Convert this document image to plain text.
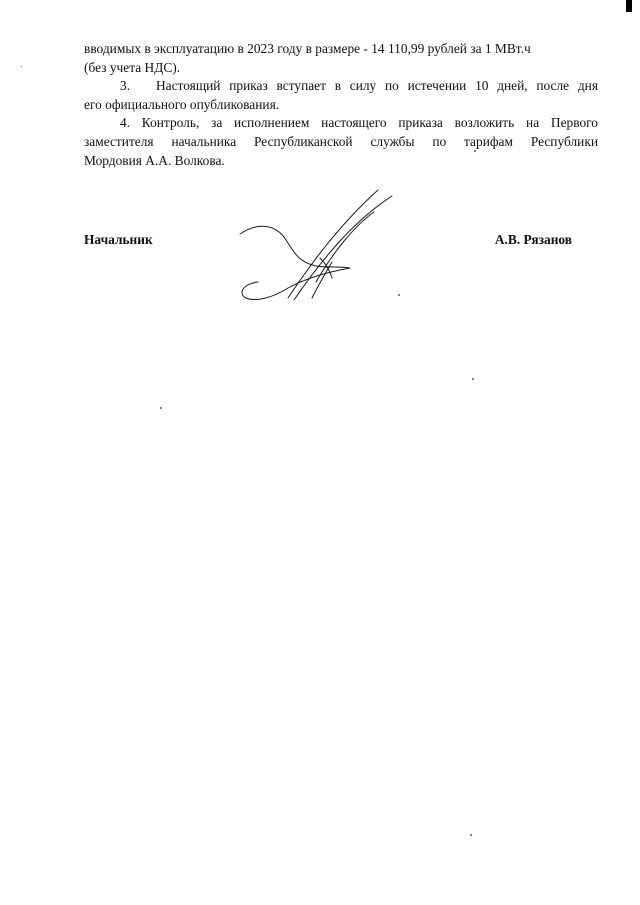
вводимых в эксплуатацию в 2023 году в размере - 14 110,99 рублей за 1 МВт.ч
(без учета НДС).

3. Настоящий приказ вступает в силу по истечении 10 дней, после дня
его официального опубликования.

4. Контроль, за исполнением настоящего приказа возложить на Первого
заместителя начальника Республиканской службы по тарифам Республики
Мордовия А.А. Волкова.

Начальник	А.В. Рязанов
